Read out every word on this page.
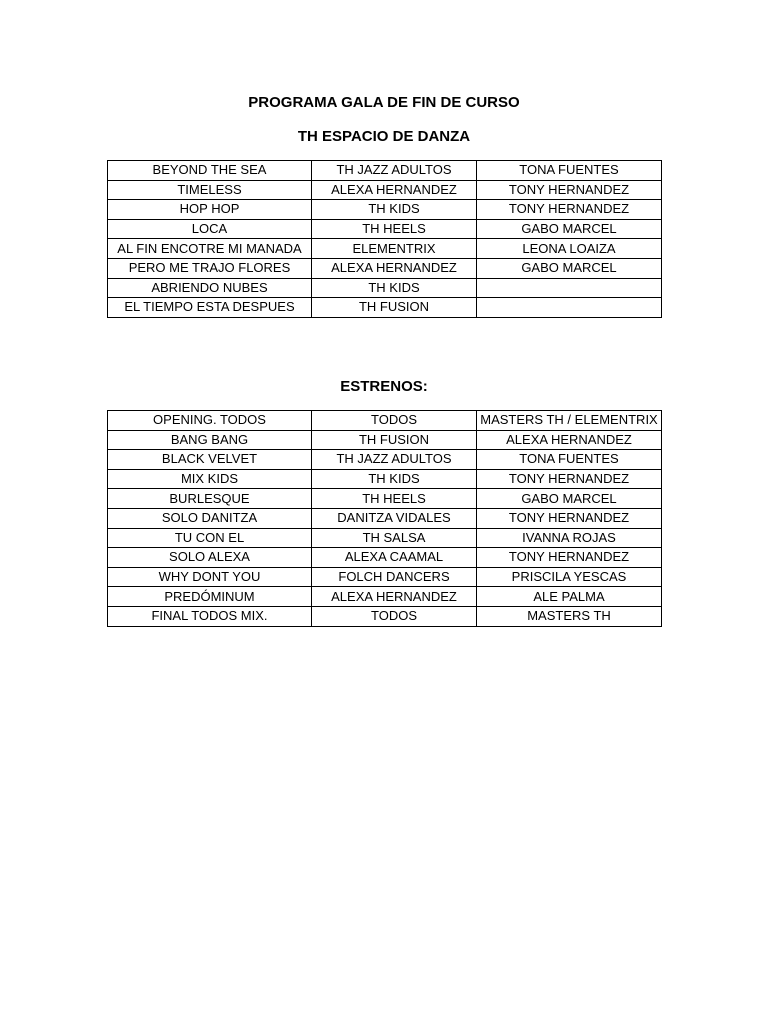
PROGRAMA GALA DE FIN DE CURSO
TH ESPACIO DE DANZA
BEYOND THE SEA	TH JAZZ ADULTOS	TONA FUENTES
TIMELESS	ALEXA HERNANDEZ	TONY HERNANDEZ
HOP HOP	TH KIDS	TONY HERNANDEZ
LOCA	TH HEELS	GABO MARCEL
AL FIN ENCOTRE MI MANADA	ELEMENTRIX	LEONA LOAIZA
PERO ME TRAJO FLORES	ALEXA HERNANDEZ	GABO MARCEL
ABRIENDO NUBES	TH KIDS	
EL TIEMPO ESTA DESPUES	TH FUSION	
ESTRENOS:
OPENING. TODOS	TODOS	MASTERS TH / ELEMENTRIX
BANG BANG	TH FUSION	ALEXA HERNANDEZ
BLACK VELVET	TH JAZZ ADULTOS	TONA FUENTES
MIX KIDS	TH KIDS	TONY HERNANDEZ
BURLESQUE	TH HEELS	GABO MARCEL
SOLO DANITZA	DANITZA VIDALES	TONY HERNANDEZ
TU CON EL	TH SALSA	IVANNA ROJAS
SOLO ALEXA	ALEXA CAAMAL	TONY HERNANDEZ
WHY DONT YOU	FOLCH DANCERS	PRISCILA YESCAS
PREDÓMINUM	ALEXA HERNANDEZ	ALE PALMA
FINAL TODOS MIX.	TODOS	MASTERS TH
